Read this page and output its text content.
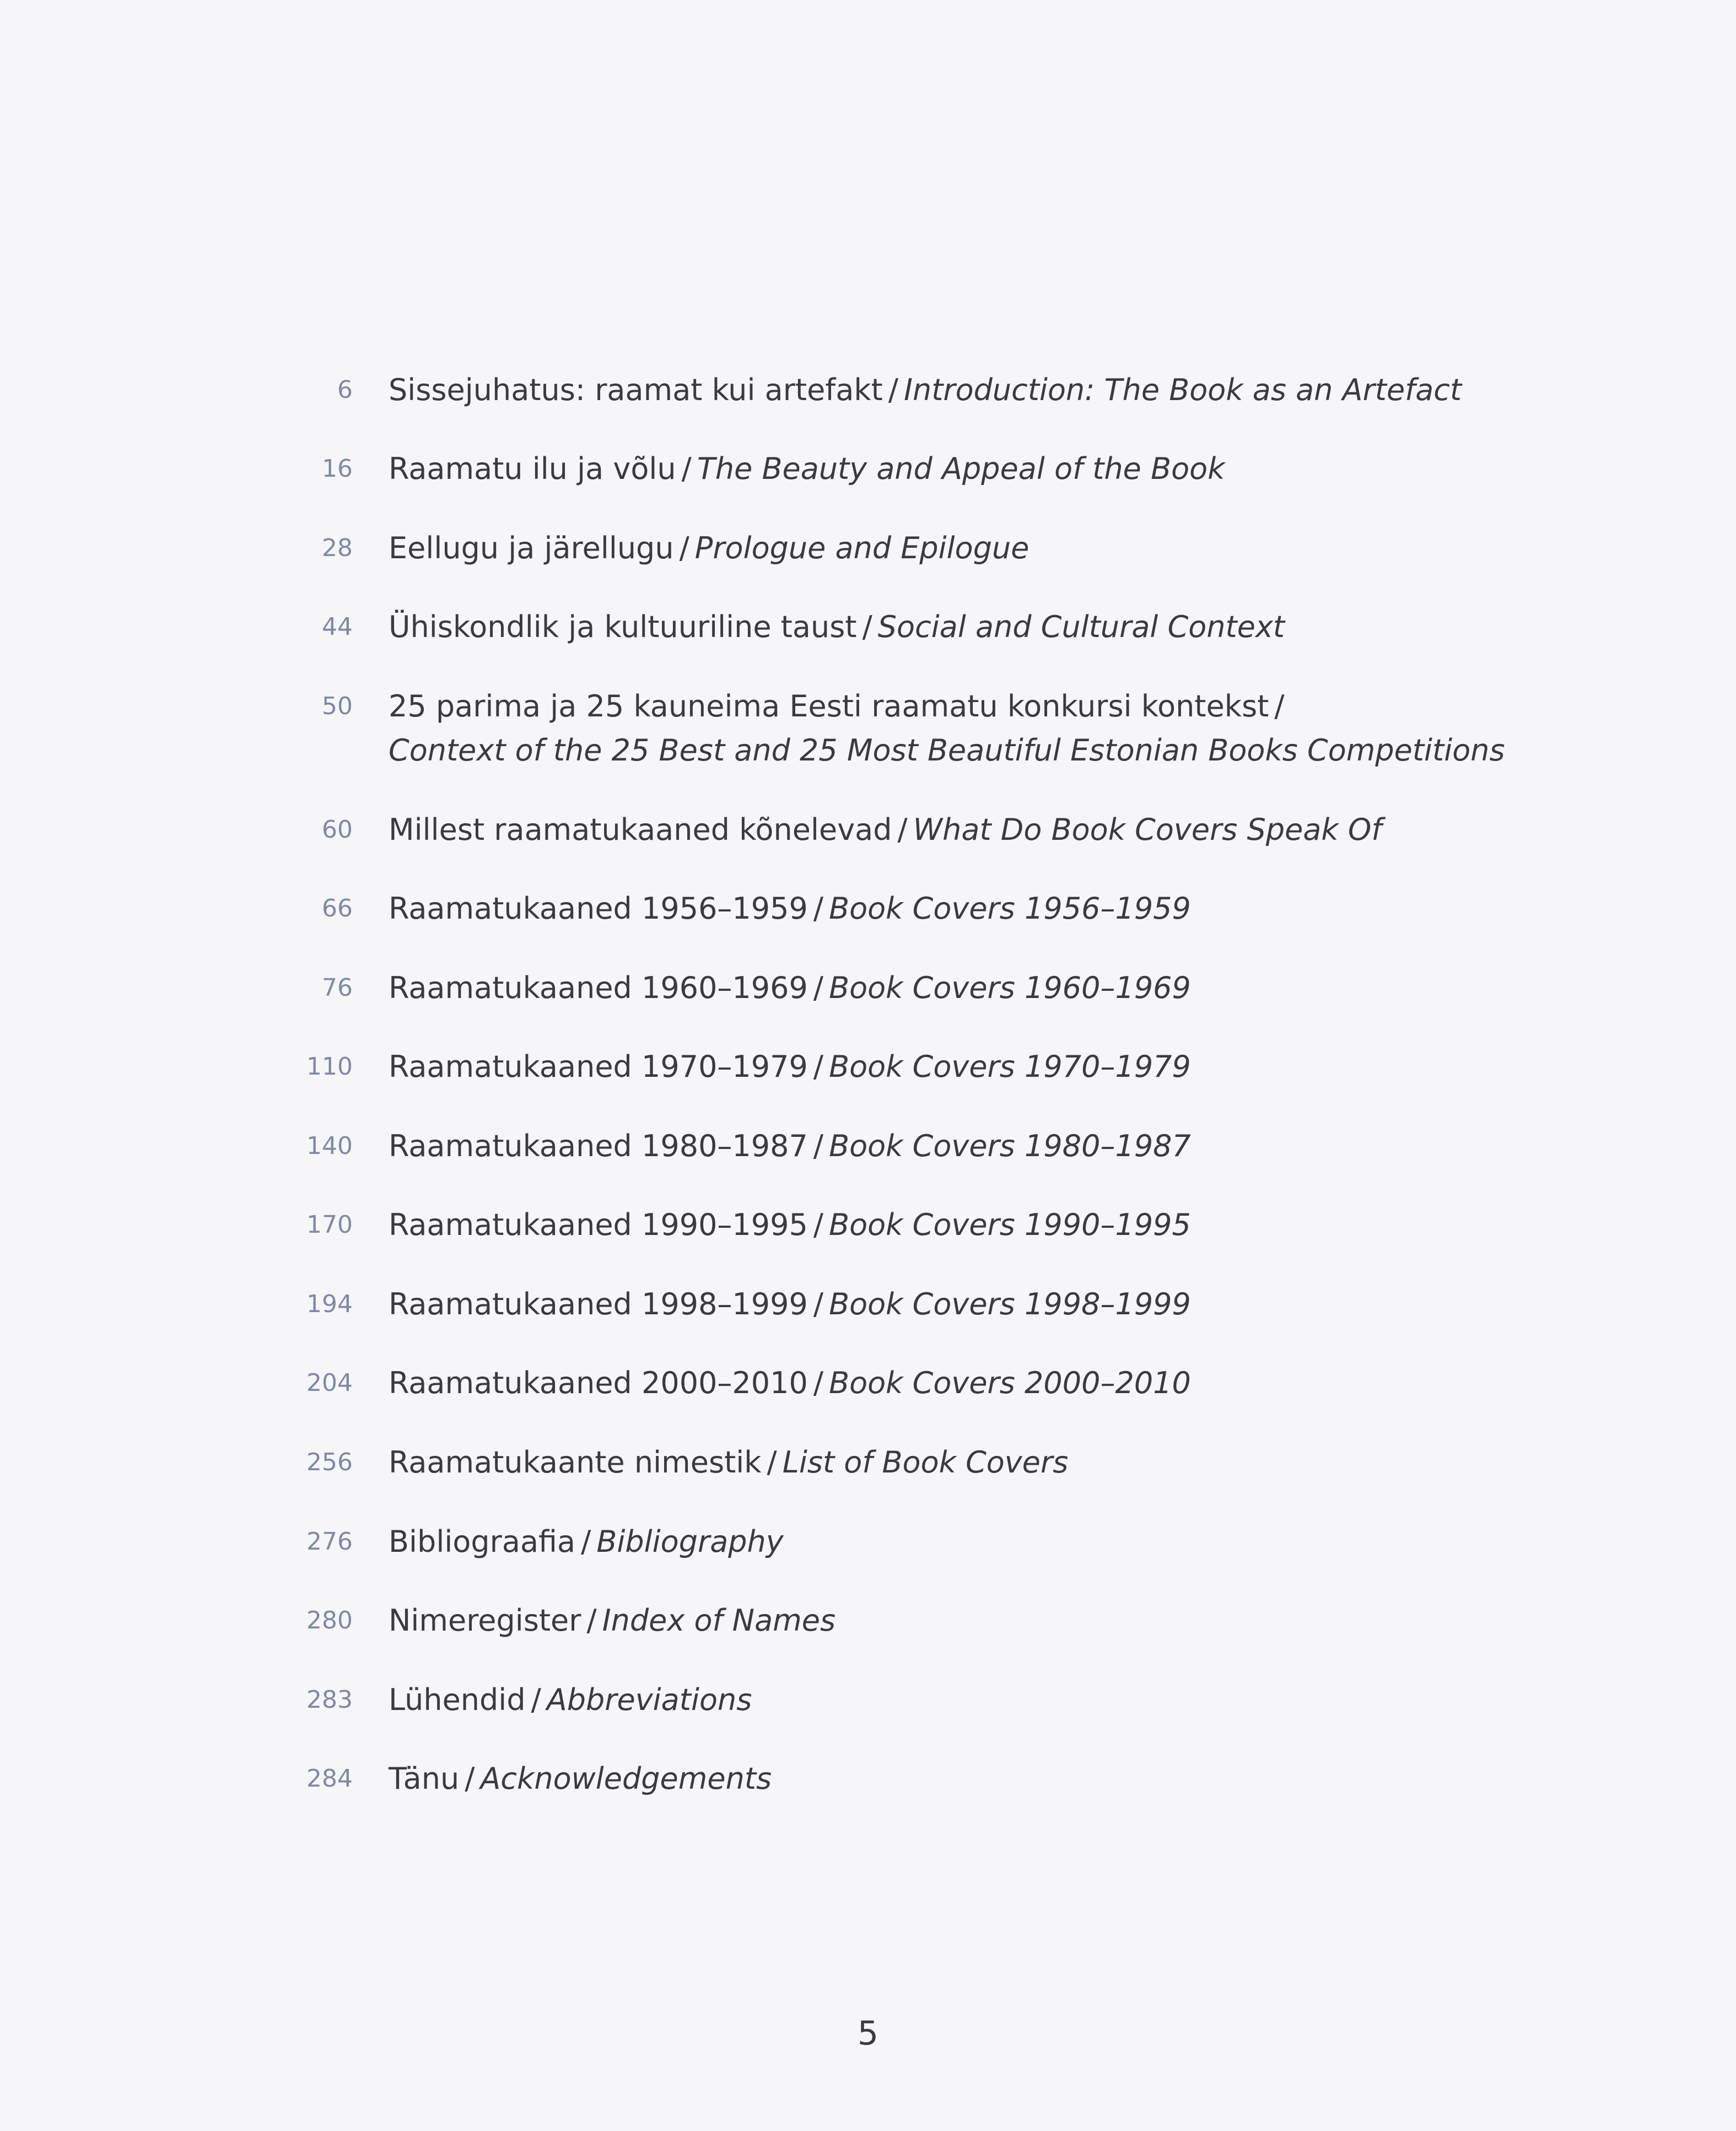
6 Sissejuhatus: raamat kui artefakt / Introduction: The Book as an Artefact
16 Raamatu ilu ja võlu / The Beauty and Appeal of the Book
28 Eellugu ja järellugu / Prologue and Epilogue
44 Ühiskondlik ja kultuuriline taust / Social and Cultural Context
50 25 parima ja 25 kauneima Eesti raamatu konkursi kontekst /
Context of the 25 Best and 25 Most Beautiful Estonian Books Competitions
60 Millest raamatukaaned kõnelevad / What Do Book Covers Speak Of
66 Raamatukaaned 1956–1959 / Book Covers 1956–1959
76 Raamatukaaned 1960–1969 / Book Covers 1960–1969
110 Raamatukaaned 1970–1979 / Book Covers 1970–1979
140 Raamatukaaned 1980–1987 / Book Covers 1980–1987
170 Raamatukaaned 1990–1995 / Book Covers 1990–1995
194 Raamatukaaned 1998–1999 / Book Covers 1998–1999
204 Raamatukaaned 2000–2010 / Book Covers 2000–2010
256 Raamatukaante nimestik / List of Book Covers
276 Bibliograafia / Bibliography
280 Nimeregister / Index of Names
283 Lühendid / Abbreviations
284 Tänu / Acknowledgements
5
